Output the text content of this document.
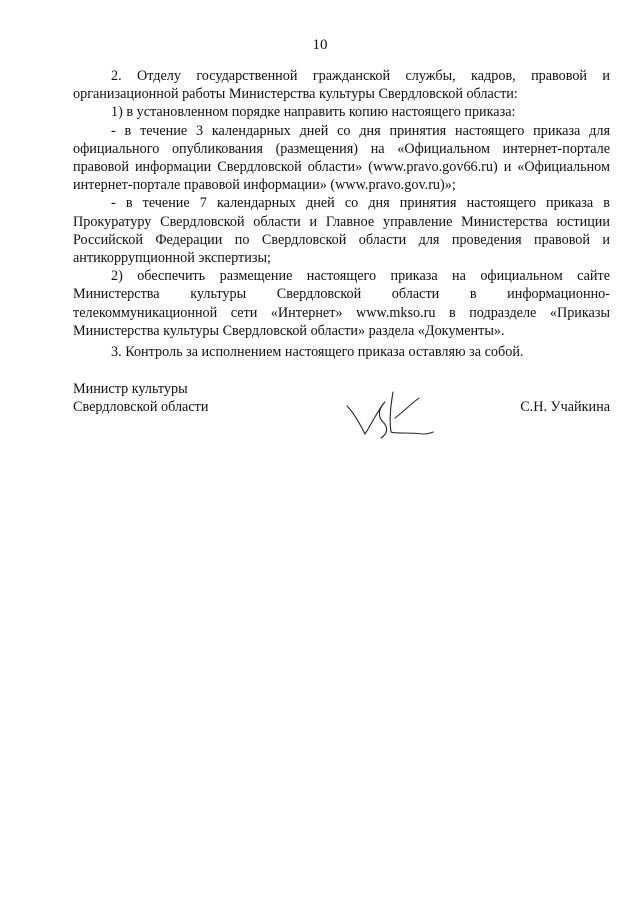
10

2. Отделу государственной гражданской службы, кадров, правовой и организационной работы Министерства культуры Свердловской области:

1) в установленном порядке направить копию настоящего приказа:

- в течение 3 календарных дней со дня принятия настоящего приказа для официального опубликования (размещения) на «Официальном интернет-портале правовой информации Свердловской области» (www.pravo.gov66.ru) и «Официальном интернет-портале правовой информации» (www.pravo.gov.ru)»;

- в течение 7 календарных дней со дня принятия настоящего приказа в Прокуратуру Свердловской области и Главное управление Министерства юстиции Российской Федерации по Свердловской области для проведения правовой и антикоррупционной экспертизы;

2) обеспечить размещение настоящего приказа на официальном сайте Министерства культуры Свердловской области в информационно-телекоммуникационной сети «Интернет» www.mkso.ru в подразделе «Приказы Министерства культуры Свердловской области» раздела «Документы».

3. Контроль за исполнением настоящего приказа оставляю за собой.

Министр культуры
Свердловской области	С.Н. Учайкина
